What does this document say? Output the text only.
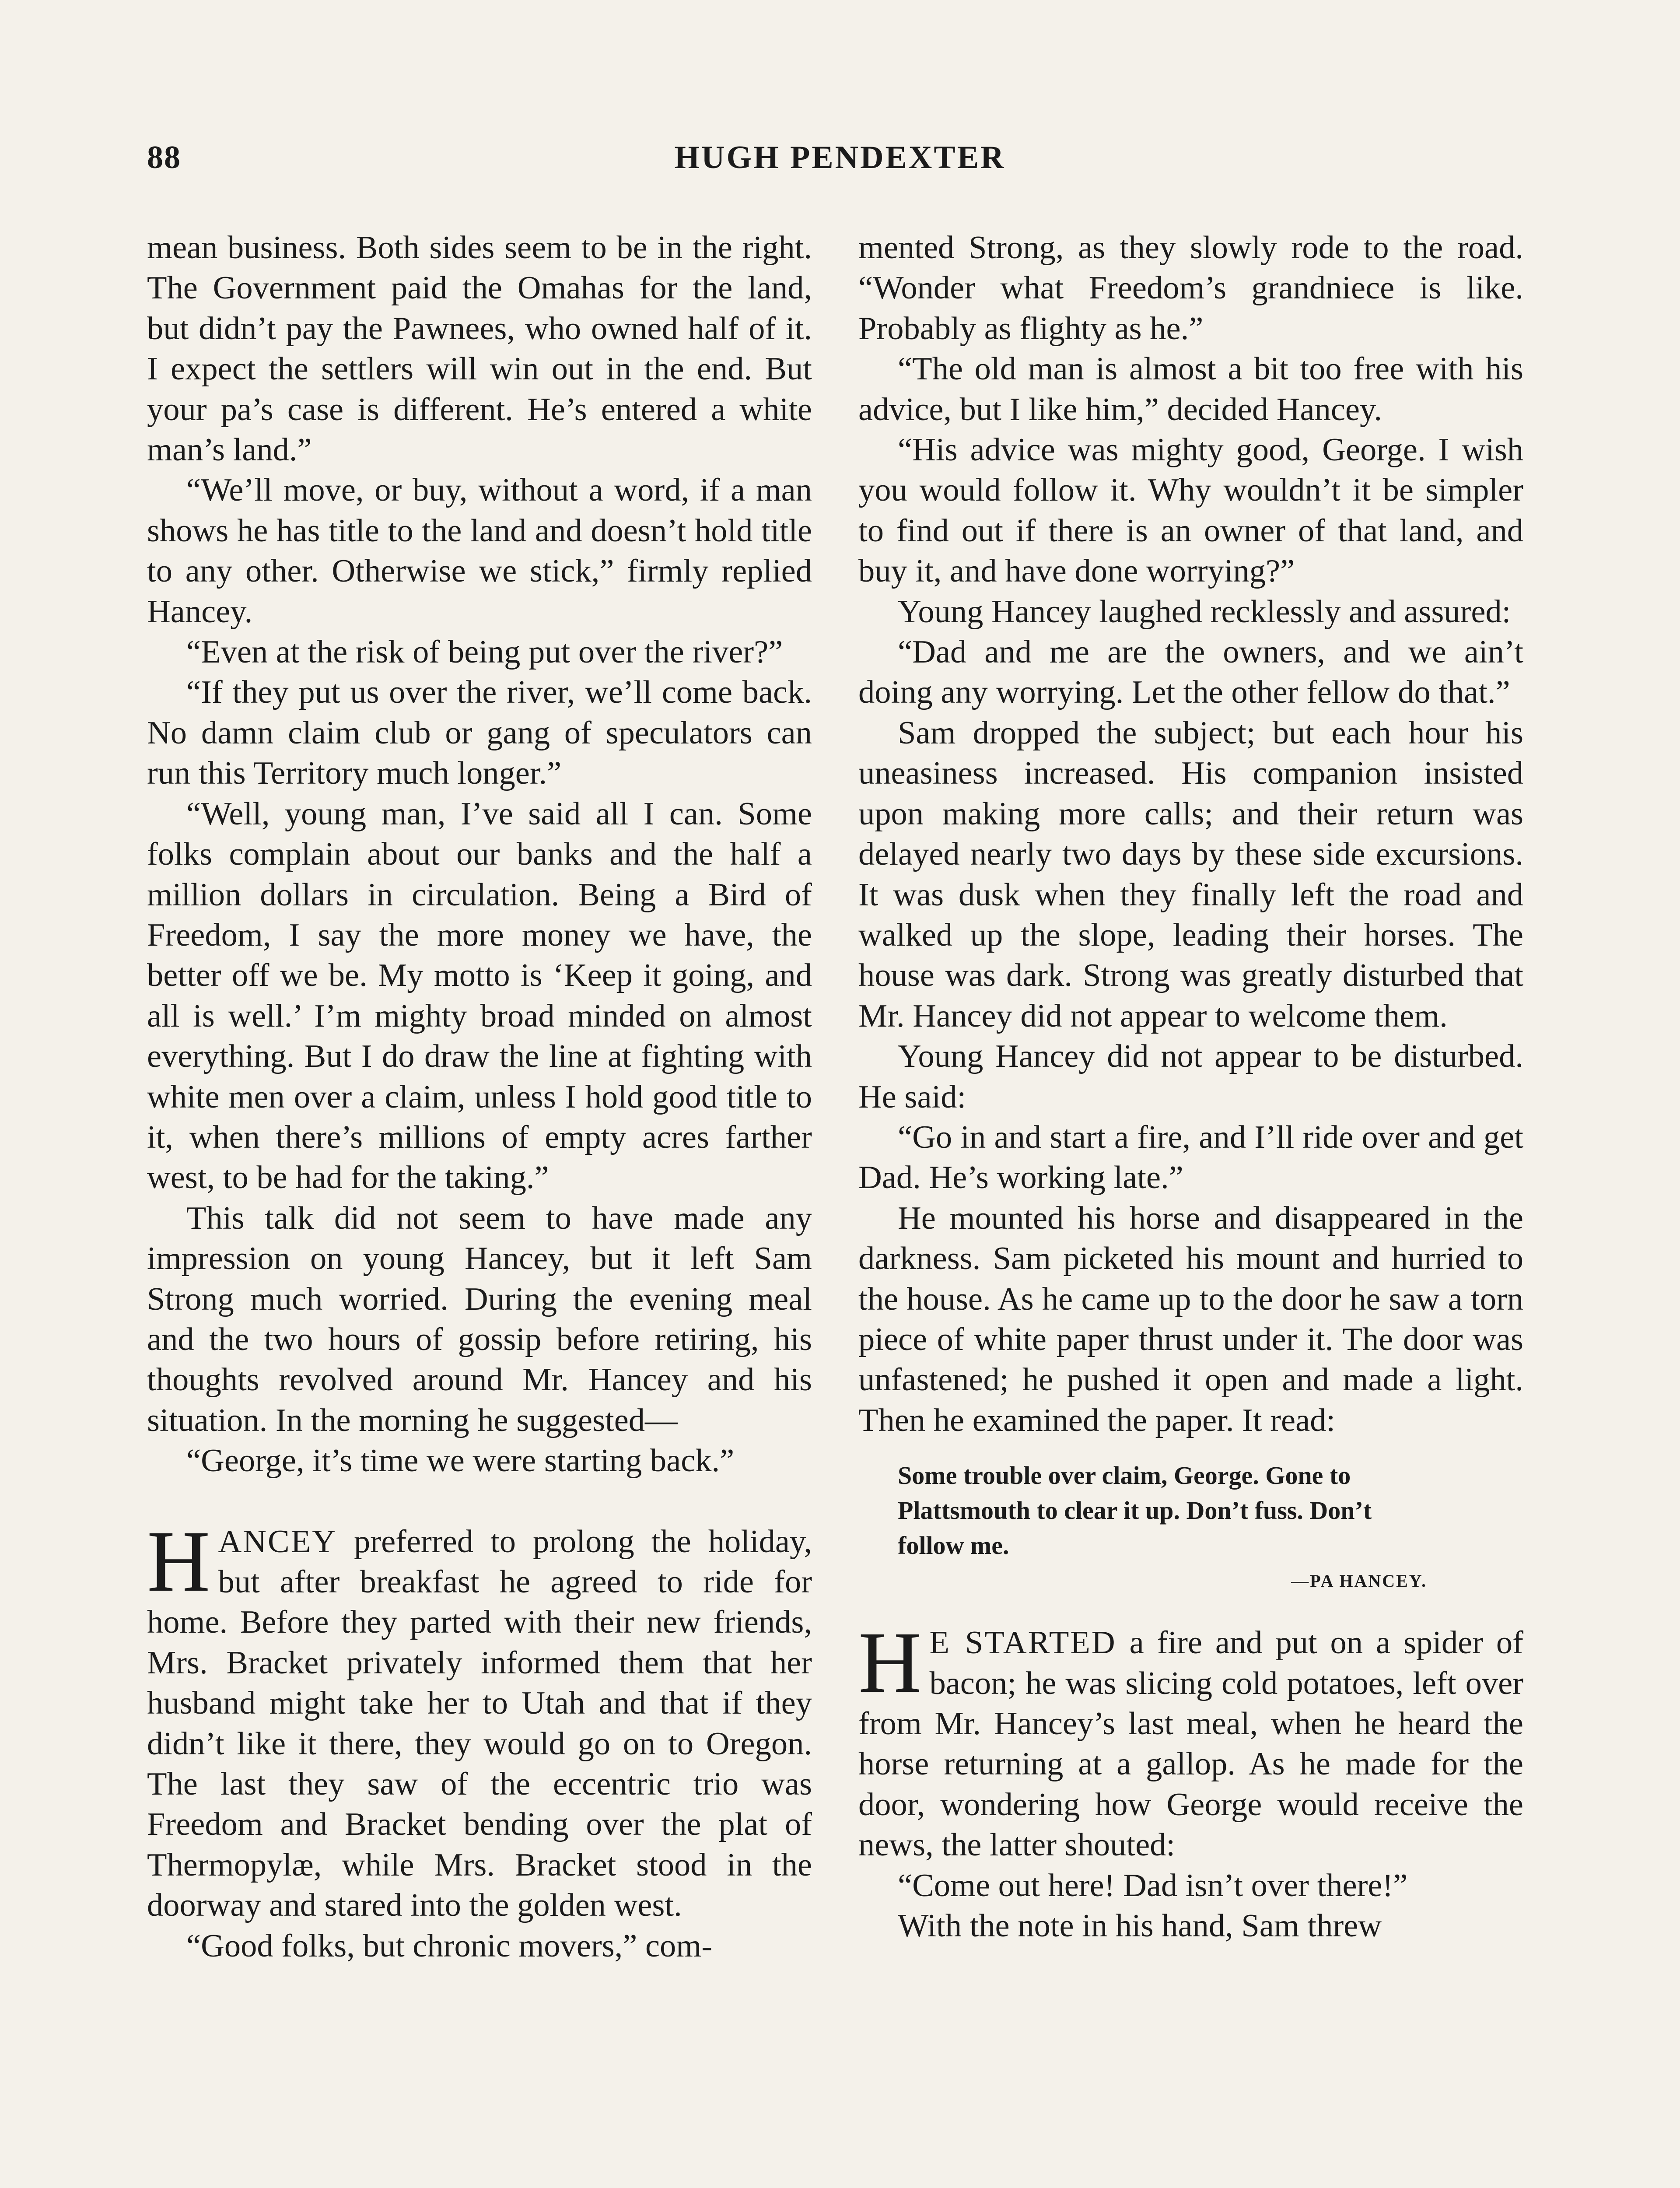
88	HUGH PENDEXTER

mean business. Both sides seem to be in the right. The Government paid the Omahas for the land, but didn’t pay the Pawnees, who owned half of it. I expect the settlers will win out in the end. But your pa’s case is different. He’s entered a white man’s land.”

“We’ll move, or buy, without a word, if a man shows he has title to the land and doesn’t hold title to any other. Otherwise we stick,” firmly replied Hancey.

“Even at the risk of being put over the river?”

“If they put us over the river, we’ll come back. No damn claim club or gang of speculators can run this Territory much longer.”

“Well, young man, I’ve said all I can. Some folks complain about our banks and the half a million dollars in circulation. Being a Bird of Freedom, I say the more money we have, the better off we be. My motto is ‘Keep it going, and all is well.’ I’m mighty broad minded on almost everything. But I do draw the line at fighting with white men over a claim, unless I hold good title to it, when there’s millions of empty acres farther west, to be had for the taking.”

This talk did not seem to have made any impression on young Hancey, but it left Sam Strong much worried. During the evening meal and the two hours of gossip before retiring, his thoughts revolved around Mr. Hancey and his situation. In the morning he suggested—

“George, it’s time we were starting back.”

HANCEY preferred to prolong the holiday, but after breakfast he agreed to ride for home. Before they parted with their new friends, Mrs. Bracket privately informed them that her husband might take her to Utah and that if they didn’t like it there, they would go on to Oregon. The last they saw of the eccentric trio was Freedom and Bracket bending over the plat of Thermopylæ, while Mrs. Bracket stood in the doorway and stared into the golden west.

“Good folks, but chronic movers,” com-

mented Strong, as they slowly rode to the road. “Wonder what Freedom’s grandniece is like. Probably as flighty as he.”

“The old man is almost a bit too free with his advice, but I like him,” decided Hancey.

“His advice was mighty good, George. I wish you would follow it. Why wouldn’t it be simpler to find out if there is an owner of that land, and buy it, and have done worrying?”

Young Hancey laughed recklessly and assured:

“Dad and me are the owners, and we ain’t doing any worrying. Let the other fellow do that.”

Sam dropped the subject; but each hour his uneasiness increased. His companion insisted upon making more calls; and their return was delayed nearly two days by these side excursions. It was dusk when they finally left the road and walked up the slope, leading their horses. The house was dark. Strong was greatly disturbed that Mr. Hancey did not appear to welcome them.

Young Hancey did not appear to be disturbed. He said:

“Go in and start a fire, and I’ll ride over and get Dad. He’s working late.”

He mounted his horse and disappeared in the darkness. Sam picketed his mount and hurried to the house. As he came up to the door he saw a torn piece of white paper thrust under it. The door was unfastened; he pushed it open and made a light. Then he examined the paper. It read:

Some trouble over claim, George. Gone to
Plattsmouth to clear it up. Don’t fuss. Don’t
follow me.
—PA HANCEY.

H E STARTED a fire and put on a spider of bacon; he was slicing cold potatoes, left over from Mr. Hancey’s last meal, when he heard the horse returning at a gallop. As he made for the door, wondering how George would receive the news, the latter shouted:

“Come out here! Dad isn’t over there!”

With the note in his hand, Sam threw
